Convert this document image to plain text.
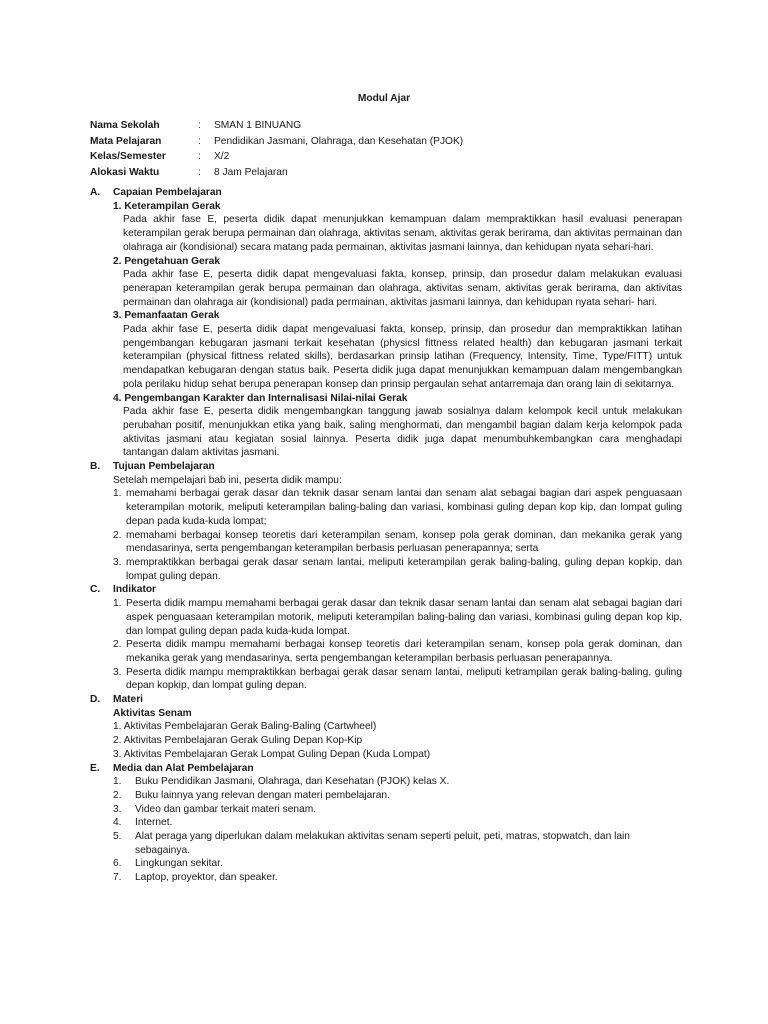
Modul Ajar
Nama Sekolah	:	SMAN 1 BINUANG
Mata Pelajaran	:	Pendidikan Jasmani, Olahraga, dan Kesehatan (PJOK)
Kelas/Semester	:	X/2
Alokasi Waktu	:	8 Jam Pelajaran
A.	Capaian Pembelajaran
1. Keterampilan Gerak
Pada akhir fase E, peserta didik dapat menunjukkan kemampuan dalam mempraktikkan hasil evaluasi penerapan keterampilan gerak berupa permainan dan olahraga, aktivitas senam, aktivitas gerak berirama, dan aktivitas permainan dan olahraga air (kondisional) secara matang pada permainan, aktivitas jasmani lainnya, dan kehidupan nyata sehari-hari.
2. Pengetahuan Gerak
Pada akhir fase E, peserta didik dapat mengevaluasi fakta, konsep, prinsip, dan prosedur dalam melakukan evaluasi penerapan keterampilan gerak berupa permainan dan olahraga, aktivitas senam, aktivitas gerak berirama, dan aktivitas permainan dan olahraga air (kondisional) pada permainan, aktivitas jasmani lainnya, dan kehidupan nyata sehari- hari.
3. Pemanfaatan Gerak
Pada akhir fase E, peserta didik dapat mengevaluasi fakta, konsep, prinsip, dan prosedur dan mempraktikkan latihan pengembangan kebugaran jasmani terkait kesehatan (physicsl fittness related health) dan kebugaran jasmani terkait keterampilan (physical fittness related skills), berdasarkan prinsip latihan (Frequency, Intensity, Time, Type/FITT) untuk mendapatkan kebugaran dengan status baik. Peserta didik juga dapat menunjukkan kemampuan dalam mengembangkan pola perilaku hidup sehat berupa penerapan konsep dan prinsip pergaulan sehat antarremaja dan orang lain di sekitarnya.
4. Pengembangan Karakter dan Internalisasi Nilai-nilai Gerak
Pada akhir fase E, peserta didik mengembangkan tanggung jawab sosialnya dalam kelompok kecil untuk melakukan perubahan positif, menunjukkan etika yang baik, saling menghormati, dan mengambil bagian dalam kerja kelompok pada aktivitas jasmani atau kegiatan sosial lainnya. Peserta didik juga dapat menumbuhkembangkan cara menghadapi tantangan dalam aktivitas jasmani.
B.	Tujuan Pembelajaran
Setelah mempelajari bab ini, peserta didik mampu:
1. memahami berbagai gerak dasar dan teknik dasar senam lantai dan senam alat sebagai bagian dari aspek penguasaan keterampilan motorik, meliputi keterampilan baling-baling dan variasi, kombinasi guling depan kop kip, dan lompat guling depan pada kuda-kuda lompat;
2. memahami berbagai konsep teoretis dari keterampilan senam, konsep pola gerak dominan, dan mekanika gerak yang mendasarinya, serta pengembangan keterampilan berbasis perluasan penerapannya; serta
3. mempraktikkan berbagai gerak dasar senam lantai, meliputi keterampilan gerak baling-baling, guling depan kopkip, dan lompat guling depan.
C.	Indikator
1. Peserta didik mampu memahami berbagai gerak dasar dan teknik dasar senam lantai dan senam alat sebagai bagian dari aspek penguasaan keterampilan motorik, meliputi keterampilan baling-baling dan variasi, kombinasi guling depan kop kip, dan lompat guling depan pada kuda-kuda lompat.
2. Peserta didik mampu memahami berbagai konsep teoretis dari keterampilan senam, konsep pola gerak dominan, dan mekanika gerak yang mendasarinya, serta pengembangan keterampilan berbasis perluasan penerapannya.
3. Peserta didik mampu mempraktikkan berbagai gerak dasar senam lantai, meliputi ketrampilan gerak baling-baling, guling depan kopkip, dan lompat guling depan.
D.	Materi
Aktivitas Senam
1. Aktivitas Pembelajaran Gerak Baling-Baling (Cartwheel)
2. Aktivitas Pembelajaran Gerak Guling Depan Kop-Kip
3. Aktivitas Pembelajaran Gerak Lompat Guling Depan (Kuda Lompat)
E.	Media dan Alat Pembelajaran
1.	Buku Pendidikan Jasmani, Olahraga, dan Kesehatan (PJOK) kelas X.
2.	Buku lainnya yang relevan dengan materi pembelajaran.
3.	Video dan gambar terkait materi senam.
4.	Internet.
5.	Alat peraga yang diperlukan dalam melakukan aktivitas senam seperti peluit, peti, matras, stopwatch, dan lain sebagainya.
6.	Lingkungan sekitar.
7.	Laptop, proyektor, dan speaker.
